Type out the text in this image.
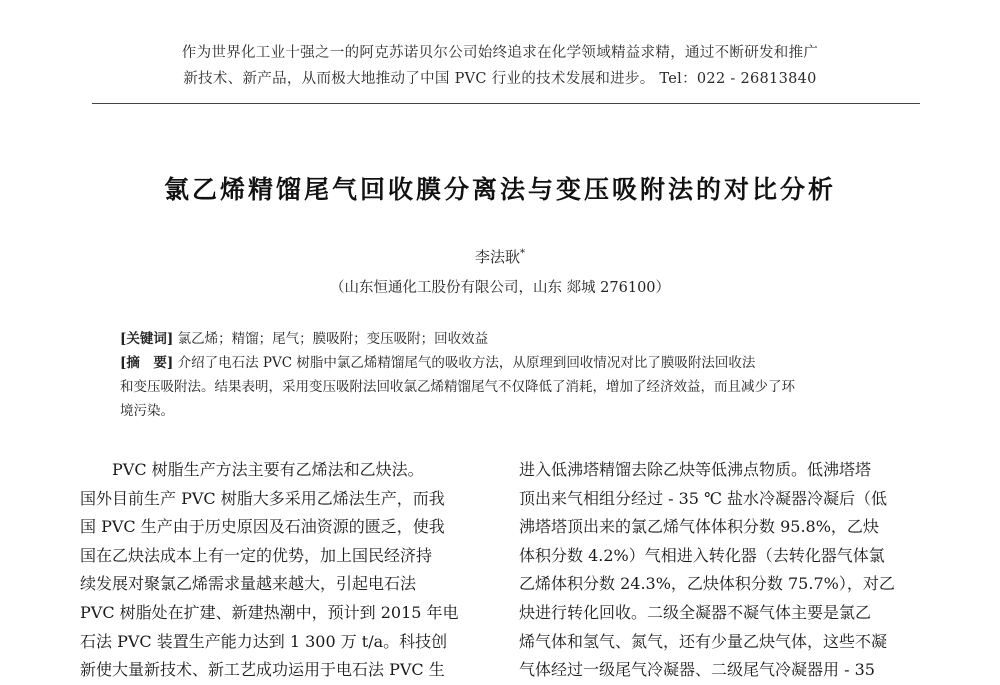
作为世界化工业十强之一的阿克苏诺贝尔公司始终追求在化学领域精益求精，通过不断研发和推广
新技术、新产品，从而极大地推动了中国 PVC 行业的技术发展和进步。 Tel：022 - 26813840
氯乙烯精馏尾气回收膜分离法与变压吸附法的对比分析
李法耿*
（山东恒通化工股份有限公司，山东 郯城 276100）
[关键词] 氯乙烯；精馏；尾气；膜吸附；变压吸附；回收效益
[摘　要] 介绍了电石法 PVC 树脂中氯乙烯精馏尾气的吸收方法，从原理到回收情况对比了膜吸附法回收法
和变压吸附法。结果表明，采用变压吸附法回收氯乙烯精馏尾气不仅降低了消耗，增加了经济效益，而且减少了环
境污染。

　　PVC 树脂生产方法主要有乙烯法和乙炔法。

国外目前生产 PVC 树脂大多采用乙烯法生产，而我

国 PVC 生产由于历史原因及石油资源的匮乏，使我

国在乙炔法成本上有一定的优势，加上国民经济持

续发展对聚氯乙烯需求量越来越大，引起电石法

PVC 树脂处在扩建、新建热潮中，预计到 2015 年电

石法 PVC 装置生产能力达到 1 300 万 t/a。科技创

新使大量新技术、新工艺成功运用于电石法 PVC 生

进入低沸塔精馏去除乙炔等低沸点物质。低沸塔塔

顶出来气相组分经过 - 35 ℃ 盐水冷凝器冷凝后（低

沸塔塔顶出来的氯乙烯气体体积分数 95.8%，乙炔

体积分数 4.2%）气相进入转化器（去转化器气体氯

乙烯体积分数 24.3%，乙炔体积分数 75.7%），对乙

炔进行转化回收。二级全凝器不凝气体主要是氯乙

烯气体和氢气、氮气，还有少量乙炔气体，这些不凝

气体经过一级尾气冷凝器、二级尾气冷凝器用 - 35
